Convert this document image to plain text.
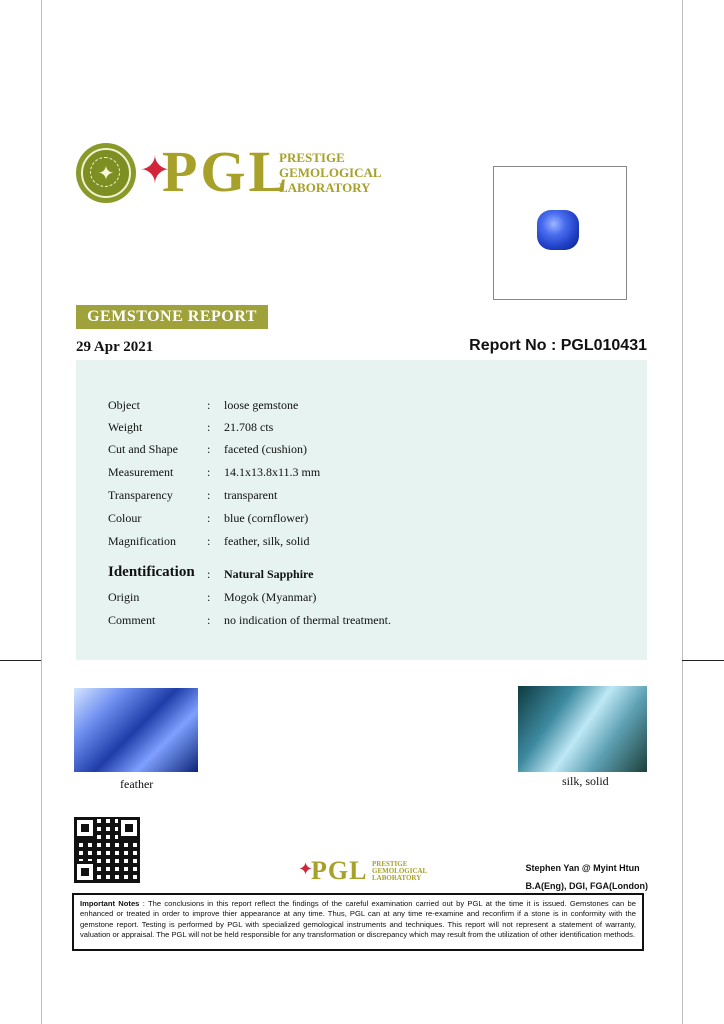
✦ ✦
PGL
PRESTIGE
GEMOLOGICAL
LABORATORY
GEMSTONE REPORT
29 Apr 2021	Report No : PGL010431
Object	: loose gemstone
Weight	: 21.708 cts
Cut and Shape	: faceted (cushion)
Measurement	: 14.1x13.8x11.3 mm
Transparency	: transparent
Colour	: blue (cornflower)
Magnification	: feather, silk, solid
Identification	: Natural Sapphire
Origin	: Mogok (Myanmar)
Comment	: no indication of thermal treatment.
feather	silk, solid
✦
PGL PRESTIGE
GEMOLOGICAL
LABORATORY
Stephen Yan @ Myint Htun
B.A(Eng), DGI, FGA(London)
Important Notes : The conclusions in this report reflect the findings of the careful examination carried out by PGL at the time it is issued. Gemstones can be enhanced or treated in order to improve thier appearance at any time. Thus, PGL can at any time re-examine and reconfirm if a stone is in conformity with the gemstone report. Testing is performed by PGL with specialized gemological instruments and techniques. This report will not represent a statement of warranty, valuation or appraisal. The PGL will not be held responsible for any transformation or discrepancy which may result from the utilization of other identification methods.
